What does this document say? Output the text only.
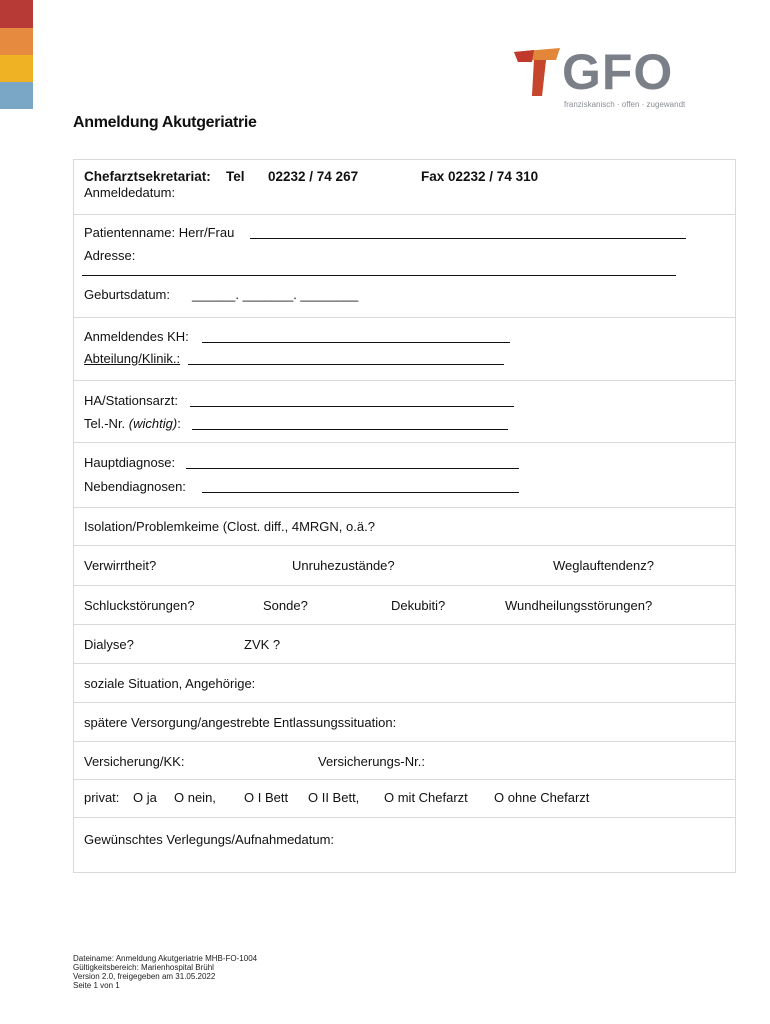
GFO
franziskanisch · offen · zugewandt
Anmeldung Akutgeriatrie
Chefarztsekretariat: Tel 02232 / 74 267	Fax 02232 / 74 310
Anmeldedatum:
Patientenname: Herr/Frau
Adresse:
Geburtsdatum: ______. _______. ________
Anmeldendes KH:
Abteilung/Klinik.:
HA/Stationsarzt:
Tel.-Nr. (wichtig):
Hauptdiagnose:
Nebendiagnosen:
Isolation/Problemkeime (Clost. diff., 4MRGN, o.ä.?
Verwirrtheit?	Unruhezustände?	Weglauftendenz?
Schluckstörungen?	Sonde?	Dekubiti?	Wundheilungsstörungen?
Dialyse?	ZVK ?
soziale Situation, Angehörige:
spätere Versorgung/angestrebte Entlassungssituation:
Versicherung/KK:	Versicherungs-Nr.:
privat: O ja O nein, O I Bett O II Bett, O mit Chefarzt O ohne Chefarzt
Gewünschtes Verlegungs/Aufnahmedatum:
Dateiname: Anmeldung Akutgeriatrie MHB-FO-1004
Gültigkeitsbereich: Marienhospital Brühl
Version 2.0, freigegeben am 31.05.2022
Seite 1 von 1
